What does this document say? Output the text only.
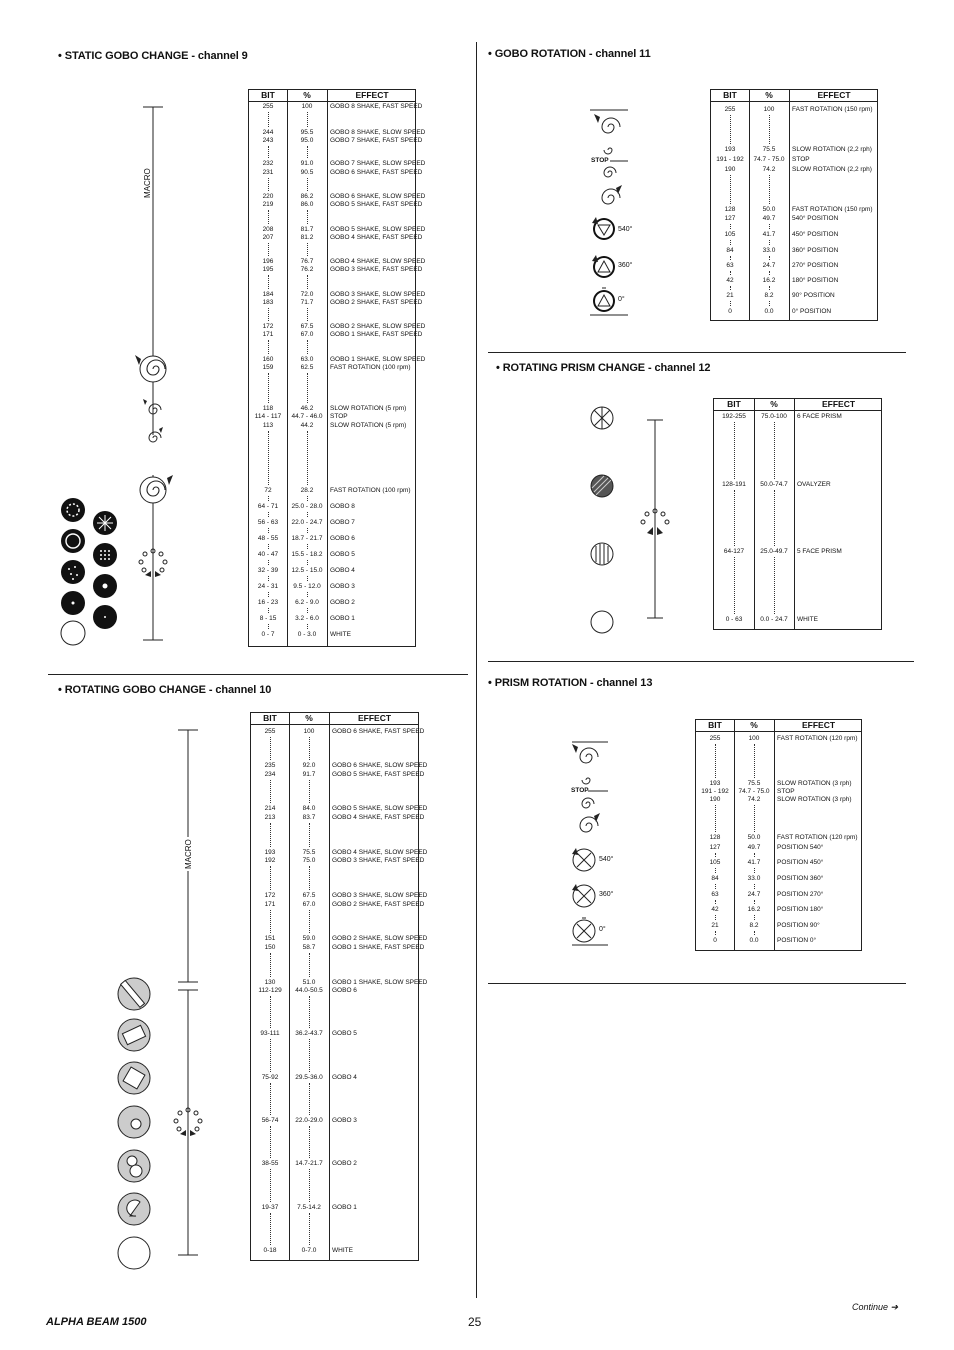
• STATIC GOBO CHANGE - channel 9
• ROTATING GOBO CHANGE - channel 10
• GOBO ROTATION - channel 11
• ROTATING PRISM CHANGE - channel 12
• PRISM ROTATION - channel 13
BIT	%	EFFECT
255	100	GOBO 8 SHAKE, FAST SPEED
244	95.5	GOBO 8 SHAKE, SLOW SPEED
243	95.0	GOBO 7 SHAKE, FAST SPEED
232	91.0	GOBO 7 SHAKE, SLOW SPEED
231	90.5	GOBO 6 SHAKE, FAST SPEED
220	86.2	GOBO 6 SHAKE, SLOW SPEED
219	86.0	GOBO 5 SHAKE, FAST SPEED
208	81.7	GOBO 5 SHAKE, SLOW SPEED
207	81.2	GOBO 4 SHAKE, FAST SPEED
196	76.7	GOBO 4 SHAKE, SLOW SPEED
195	76.2	GOBO 3 SHAKE, FAST SPEED
184	72.0	GOBO 3 SHAKE, SLOW SPEED
183	71.7	GOBO 2 SHAKE, FAST SPEED
172	67.5	GOBO 2 SHAKE, SLOW SPEED
171	67.0	GOBO 1 SHAKE, FAST SPEED
160	63.0	GOBO 1 SHAKE, SLOW SPEED
159	62.5	FAST ROTATION (100 rpm)
118	46.2	SLOW ROTATION (5 rpm)
114 - 117	44.7 - 46.0	STOP
113	44.2	SLOW ROTATION (5 rpm)
72	28.2	FAST ROTATION (100 rpm)
64 - 71	25.0 - 28.0	GOBO 8
56 - 63	22.0 - 24.7	GOBO 7
48 - 55	18.7 - 21.7	GOBO 6
40 - 47	15.5 - 18.2	GOBO 5
32 - 39	12.5 - 15.0	GOBO 4
24 - 31	9.5 - 12.0	GOBO 3
16 - 23	6.2 - 9.0	GOBO 2
8 - 15	3.2 - 6.0	GOBO 1
0 - 7	0 - 3.0	WHITE
BIT	%	EFFECT
255	100	GOBO 6 SHAKE, FAST SPEED
235	92.0	GOBO 6 SHAKE, SLOW SPEED
234	91.7	GOBO 5 SHAKE, FAST SPEED
214	84.0	GOBO 5 SHAKE, SLOW SPEED
213	83.7	GOBO 4 SHAKE, FAST SPEED
193	75.5	GOBO 4 SHAKE, SLOW SPEED
192	75.0	GOBO 3 SHAKE, FAST SPEED
172	67.5	GOBO 3 SHAKE, SLOW SPEED
171	67.0	GOBO 2 SHAKE, FAST SPEED
151	59.0	GOBO 2 SHAKE, SLOW SPEED
150	58.7	GOBO 1 SHAKE, FAST SPEED
130	51.0	GOBO 1 SHAKE, SLOW SPEED
112-129	44.0-50.5	GOBO 6
93-111	36.2-43.7	GOBO 5
75-92	29.5-36.0	GOBO 4
56-74	22.0-29.0	GOBO 3
38-55	14.7-21.7	GOBO 2
19-37	7.5-14.2	GOBO 1
0-18	0-7.0	WHITE
BIT	%	EFFECT
255	100	FAST ROTATION (150 rpm)
193	75.5	SLOW ROTATION (2,2 rph)
191 - 192	74.7 - 75.0	STOP
190	74.2	SLOW ROTATION (2,2 rph)
128	50.0	FAST ROTATION (150 rpm)
127	49.7	540° POSITION
105	41.7	450° POSITION
84	33.0	360° POSITION
63	24.7	270° POSITION
42	16.2	180° POSITION
21	8.2	90° POSITION
0	0.0	0° POSITION
BIT	%	EFFECT
192-255	75.0-100	6 FACE PRISM
128-191	50.0-74.7	OVALYZER
64-127	25.0-49.7	5 FACE PRISM
0 - 63	0.0 - 24.7	WHITE
BIT	%	EFFECT
255	100	FAST ROTATION (120 rpm)
193	75.5	SLOW ROTATION (3 rph)
191 - 192	74.7 - 75.0	STOP
190	74.2	SLOW ROTATION (3 rph)
128	50.0	FAST ROTATION (120 rpm)
127	49.7	POSITION 540°
105	41.7	POSITION 450°
84	33.0	POSITION 360°
63	24.7	POSITION 270°
42	16.2	POSITION 180°
21	8.2	POSITION 90°
0	0.0	POSITION 0°
MACRO
MACRO
STOP
540°
360°
0°
STOP
540°
360°
0°
ALPHA BEAM 1500	25
Continue ➔
